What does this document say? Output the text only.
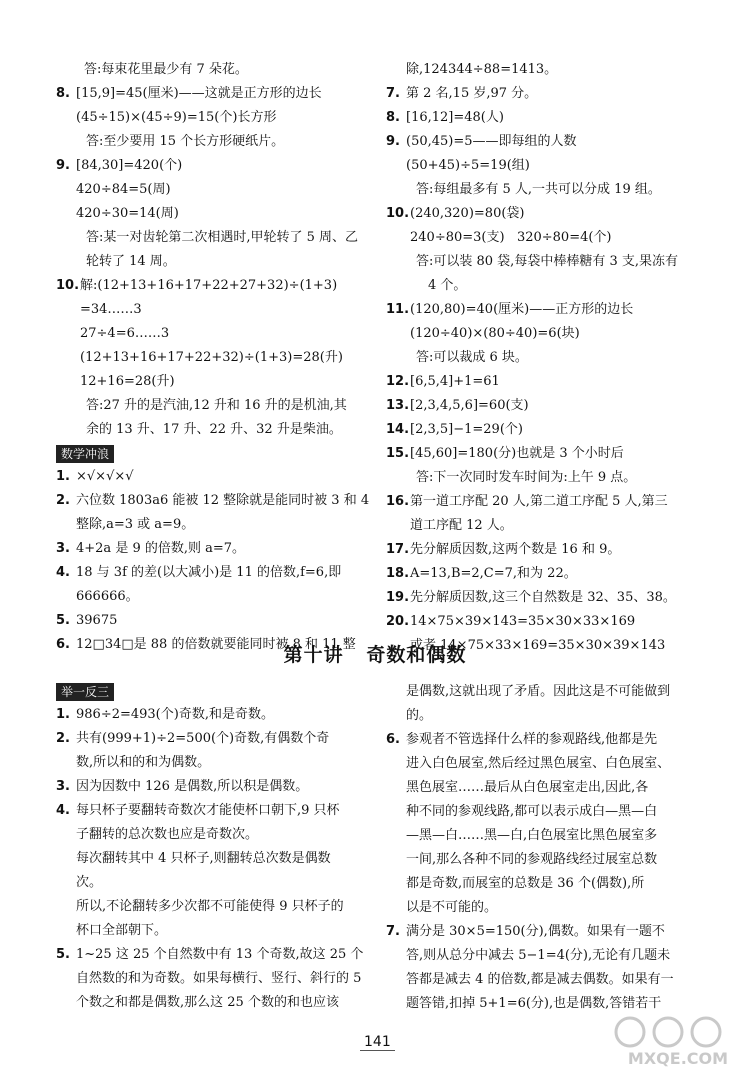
答:每束花里最少有 7 朵花。
8. [15,9]=45(厘米)——这就是正方形的边长
(45÷15)×(45÷9)=15(个)长方形
答:至少要用 15 个长方形硬纸片。
9. [84,30]=420(个)
420÷84=5(周)
420÷30=14(周)
答:某一对齿轮第二次相遇时,甲轮转了 5 周、乙
轮转了 14 周。
10. 解:(12+13+16+17+22+27+32)÷(1+3)
=34……3
27÷4=6……3
(12+13+16+17+22+32)÷(1+3)=28(升)
12+16=28(升)
答:27 升的是汽油,12 升和 16 升的是机油,其
余的 13 升、17 升、22 升、32 升是柴油。
数学冲浪
1. ×√×√×√
2. 六位数 1803a6 能被 12 整除就是能同时被 3 和 4
整除,a=3 或 a=9。
3. 4+2a 是 9 的倍数,则 a=7。
4. 18 与 3f 的差(以大减小)是 11 的倍数,f=6,即
666666。
5. 39675
6. 12□34□是 88 的倍数就要能同时被 8 和 11 整
除,124344÷88=1413。
7. 第 2 名,15 岁,97 分。
8. [16,12]=48(人)
9. (50,45)=5——即每组的人数
(50+45)÷5=19(组)
答:每组最多有 5 人,一共可以分成 19 组。
10. (240,320)=80(袋)
240÷80=3(支)   320÷80=4(个)
答:可以装 80 袋,每袋中棒棒糖有 3 支,果冻有
4 个。
11. (120,80)=40(厘米)——正方形的边长
(120÷40)×(80÷40)=6(块)
答:可以裁成 6 块。
12. [6,5,4]+1=61
13. [2,3,4,5,6]=60(支)
14. [2,3,5]−1=29(个)
15. [45,60]=180(分)也就是 3 个小时后
答:下一次同时发车时间为:上午 9 点。
16. 第一道工序配 20 人,第二道工序配 5 人,第三
道工序配 12 人。
17. 先分解质因数,这两个数是 16 和 9。
18. A=13,B=2,C=7,和为 22。
19. 先分解质因数,这三个自然数是 32、35、38。
20. 14×75×39×143=35×30×33×169
或者 14×75×33×169=35×30×39×143
第十讲   奇数和偶数
举一反三
1. 986÷2=493(个)奇数,和是奇数。
2. 共有(999+1)÷2=500(个)奇数,有偶数个奇
数,所以和的和为偶数。
3. 因为因数中 126 是偶数,所以积是偶数。
4. 每只杯子要翻转奇数次才能使杯口朝下,9 只杯
子翻转的总次数也应是奇数次。
每次翻转其中 4 只杯子,则翻转总次数是偶数
次。
所以,不论翻转多少次都不可能使得 9 只杯子的
杯口全部朝下。
5. 1~25 这 25 个自然数中有 13 个奇数,故这 25 个
自然数的和为奇数。如果每横行、竖行、斜行的 5
个数之和都是偶数,那么这 25 个数的和也应该
是偶数,这就出现了矛盾。因此这是不可能做到
的。
6. 参观者不管选择什么样的参观路线,他都是先
进入白色展室,然后经过黑色展室、白色展室、
黑色展室……最后从白色展室走出,因此,各
种不同的参观线路,都可以表示成白—黑—白
—黑—白……黑—白,白色展室比黑色展室多
一间,那么各种不同的参观路线经过展室总数
都是奇数,而展室的总数是 36 个(偶数),所
以是不可能的。
7. 满分是 30×5=150(分),偶数。如果有一题不
答,则从总分中减去 5−1=4(分),无论有几题未
答都是减去 4 的倍数,都是减去偶数。如果有一
题答错,扣掉 5+1=6(分),也是偶数,答错若干
141
MXQE.COM
